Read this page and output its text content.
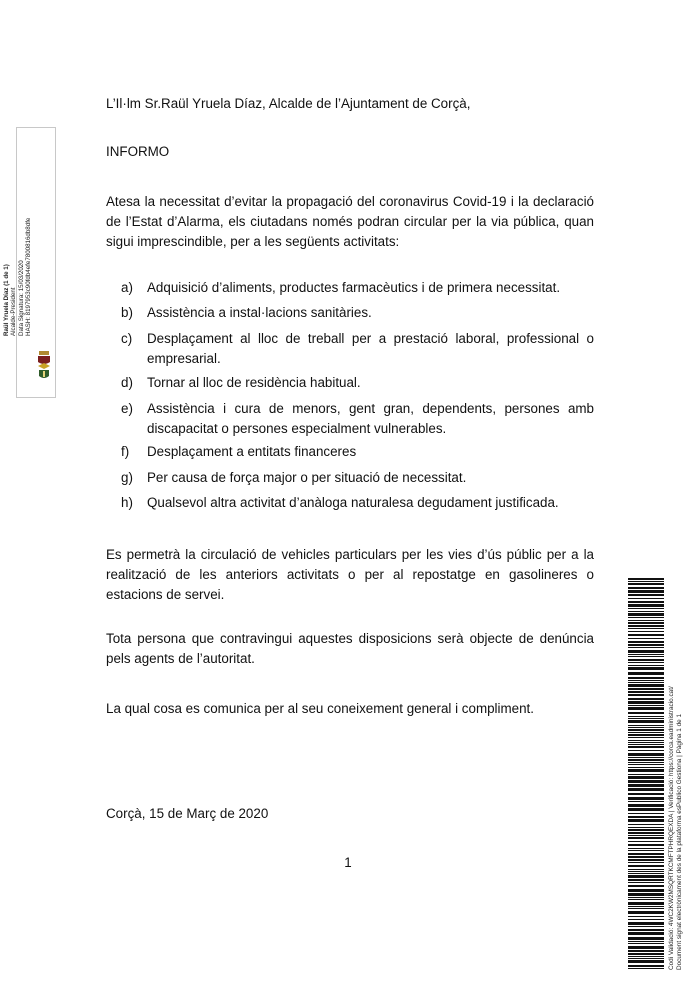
Raül Yruela Díaz (1 de 1) Alcalde-President Data Signatura: 15/03/2020 HASH: 8197953c90fdb4efe7800816db8dfe

L’Il·lm Sr.Raül Yruela Díaz, Alcalde de l’Ajuntament de Corçà,

INFORMO

Atesa la necessitat d’evitar la propagació del coronavirus Covid-19 i la declaració de l’Estat d’Alarma, els ciutadans només podran circular per la via pública, quan sigui imprescindible, per a les següents activitats:

a)	Adquisició d’aliments, productes farmacèutics i de primera necessitat.
b)	Assistència a instal·lacions sanitàries.
c)	Desplaçament al lloc de treball per a prestació laboral, professional o empresarial.
d)	Tornar al lloc de residència habitual.
e)	Assistència i cura de menors, gent gran, dependents, persones amb discapacitat o persones especialment vulnerables.
f)	Desplaçament a entitats financeres
g)	Per causa de força major o per situació de necessitat.
h)	Qualsevol altra activitat d’anàloga naturalesa degudament justificada.

Es permetrà la circulació de vehicles particulars per les vies d’ús públic per a la realització de les anteriors activitats o per al repostatge en gasolineres o estacions de servei.

Tota persona que contravingui aquestes disposicions serà objecte de denúncia pels agents de l’autoritat.

La qual cosa es comunica per al seu coneixement general i compliment.

Corçà, 15 de Març de 2020

1	Codi Validació: 4WC2KW2MSQRTKCMFTPHRQEXDA | Verificació: https://corca.eadministracio.cat/ Document signat electrònicament des de la plataforma esPublico Gestiona | Pàgina 1 de 1
